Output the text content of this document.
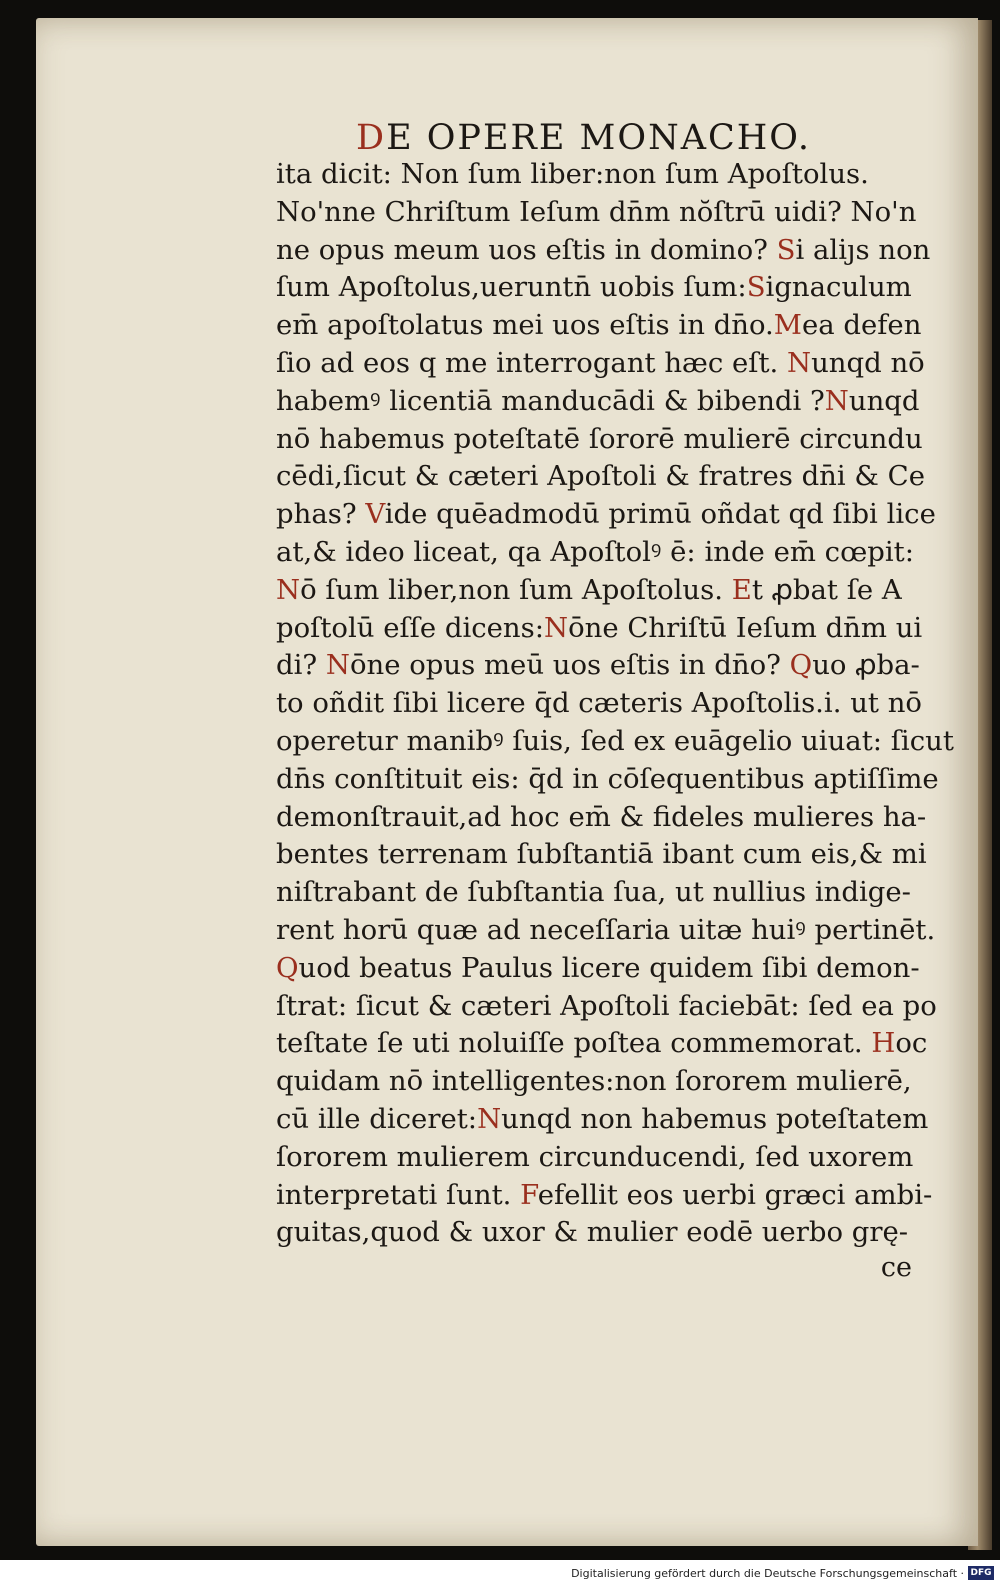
DE OPERE MONACHO.
ita dicit: Non ſum liber:non ſum Apoſtolus.
No'nne Chriſtum Ieſum dn̄m nŏſtrū uidi? No'n
ne opus meum uos eſtis in domino? Si aliȷs non
ſum Apoſtolus,ueruntn̄ uobis ſum:Signaculum
em̄ apoſtolatus mei uos eſtis in dn̄o.Mea defen
ſio ad eos q me interrogant hæc eſt. Nunqd nō
habemꝰ licentiā manducādi & bibendi ?Nunqd
nō habemus poteſtatē ſororē mulierē circundu
cēdi,ſicut & cæteri Apoſtoli & fratres dn̄i & Ce
phas? Vide quēadmodū primū oñdat qd ſibi lice
at,& ideo liceat, qa Apoſtolꝰ ē: inde em̄ cœpit:
Nō ſum liber,non ſum Apoſtolus. Et ꝓbat ſe A
poſtolū eſſe dicens:Nōne Chriſtū Ieſum dn̄m ui
di? Nōne opus meū uos eſtis in dn̄o? Quo ꝓba-
to oñdit ſibi licere q̄d cæteris Apoſtolis.i. ut nō
operetur manibꝰ ſuis, ſed ex euāgelio uiuat: ſicut
dn̄s conſtituit eis: q̄d in cōſequentibus aptiſſime
demonſtrauit,ad hoc em̄ & fideles mulieres ha-
bentes terrenam ſubſtantiā ibant cum eis,& mi
niſtrabant de ſubſtantia ſua, ut nullius indige-
rent horū quæ ad neceſſaria uitæ huiꝰ pertinēt.
Quod beatus Paulus licere quidem ſibi demon-
ſtrat: ſicut & cæteri Apoſtoli faciebāt: ſed ea po
teſtate ſe uti noluiſſe poſtea commemorat. Hoc
quidam nō intelligentes:non ſororem mulierē,
cū ille diceret:Nunqd non habemus poteſtatem
ſororem mulierem circunducendi, ſed uxorem
interpretati ſunt. Fefellit eos uerbi græci ambi-
guitas,quod & uxor & mulier eodē uerbo grę-
ce
Digitalisierung gefördert durch die Deutsche Forschungsgemeinschaft · DFG
